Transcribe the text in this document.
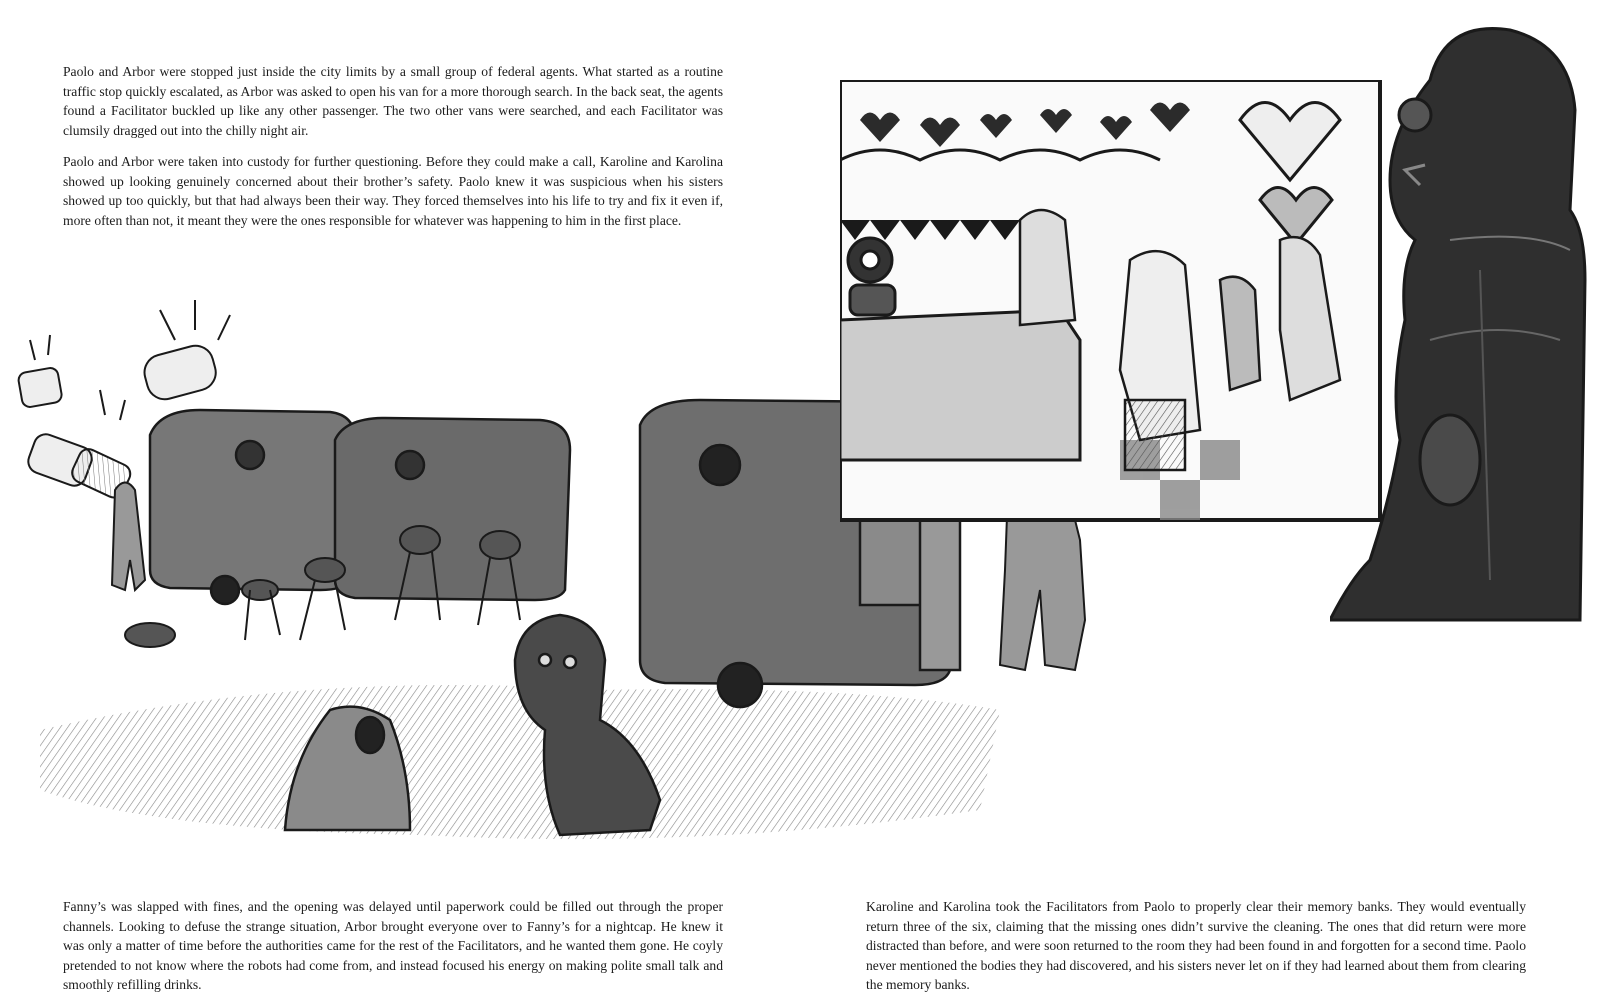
Paolo and Arbor were stopped just inside the city limits by a small group of federal agents. What started as a routine traffic stop quickly escalated, as Arbor was asked to open his van for a more thorough search. In the back seat, the agents found a Facilitator buckled up like any other passenger. The two other vans were searched, and each Facilitator was clumsily dragged out into the chilly night air.

Paolo and Arbor were taken into custody for further questioning. Before they could make a call, Karoline and Karolina showed up looking genuinely concerned about their brother’s safety. Paolo knew it was suspicious when his sisters showed up too quickly, but that had always been their way. They forced themselves into his life to try and fix it even if, more often than not, it meant they were the ones responsible for whatever was happening to him in the first place.

Fanny’s was slapped with fines, and the opening was delayed until paperwork could be filled out through the proper channels. Looking to defuse the strange situation, Arbor brought everyone over to Fanny’s for a nightcap. He knew it was only a matter of time before the authorities came for the rest of the Facilitators, and he wanted them gone. He coyly pretended to not know where the robots had come from, and instead focused his energy on making polite small talk and smoothly refilling drinks.

Karoline and Karolina took the Facilitators from Paolo to properly clear their memory banks. They would eventually return three of the six, claiming that the missing ones didn’t survive the cleaning. The ones that did return were more distracted than before, and were soon returned to the room they had been found in and forgotten for a second time. Paolo never mentioned the bodies they had discovered, and his sisters never let on if they had learned about them from clearing the memory banks.
